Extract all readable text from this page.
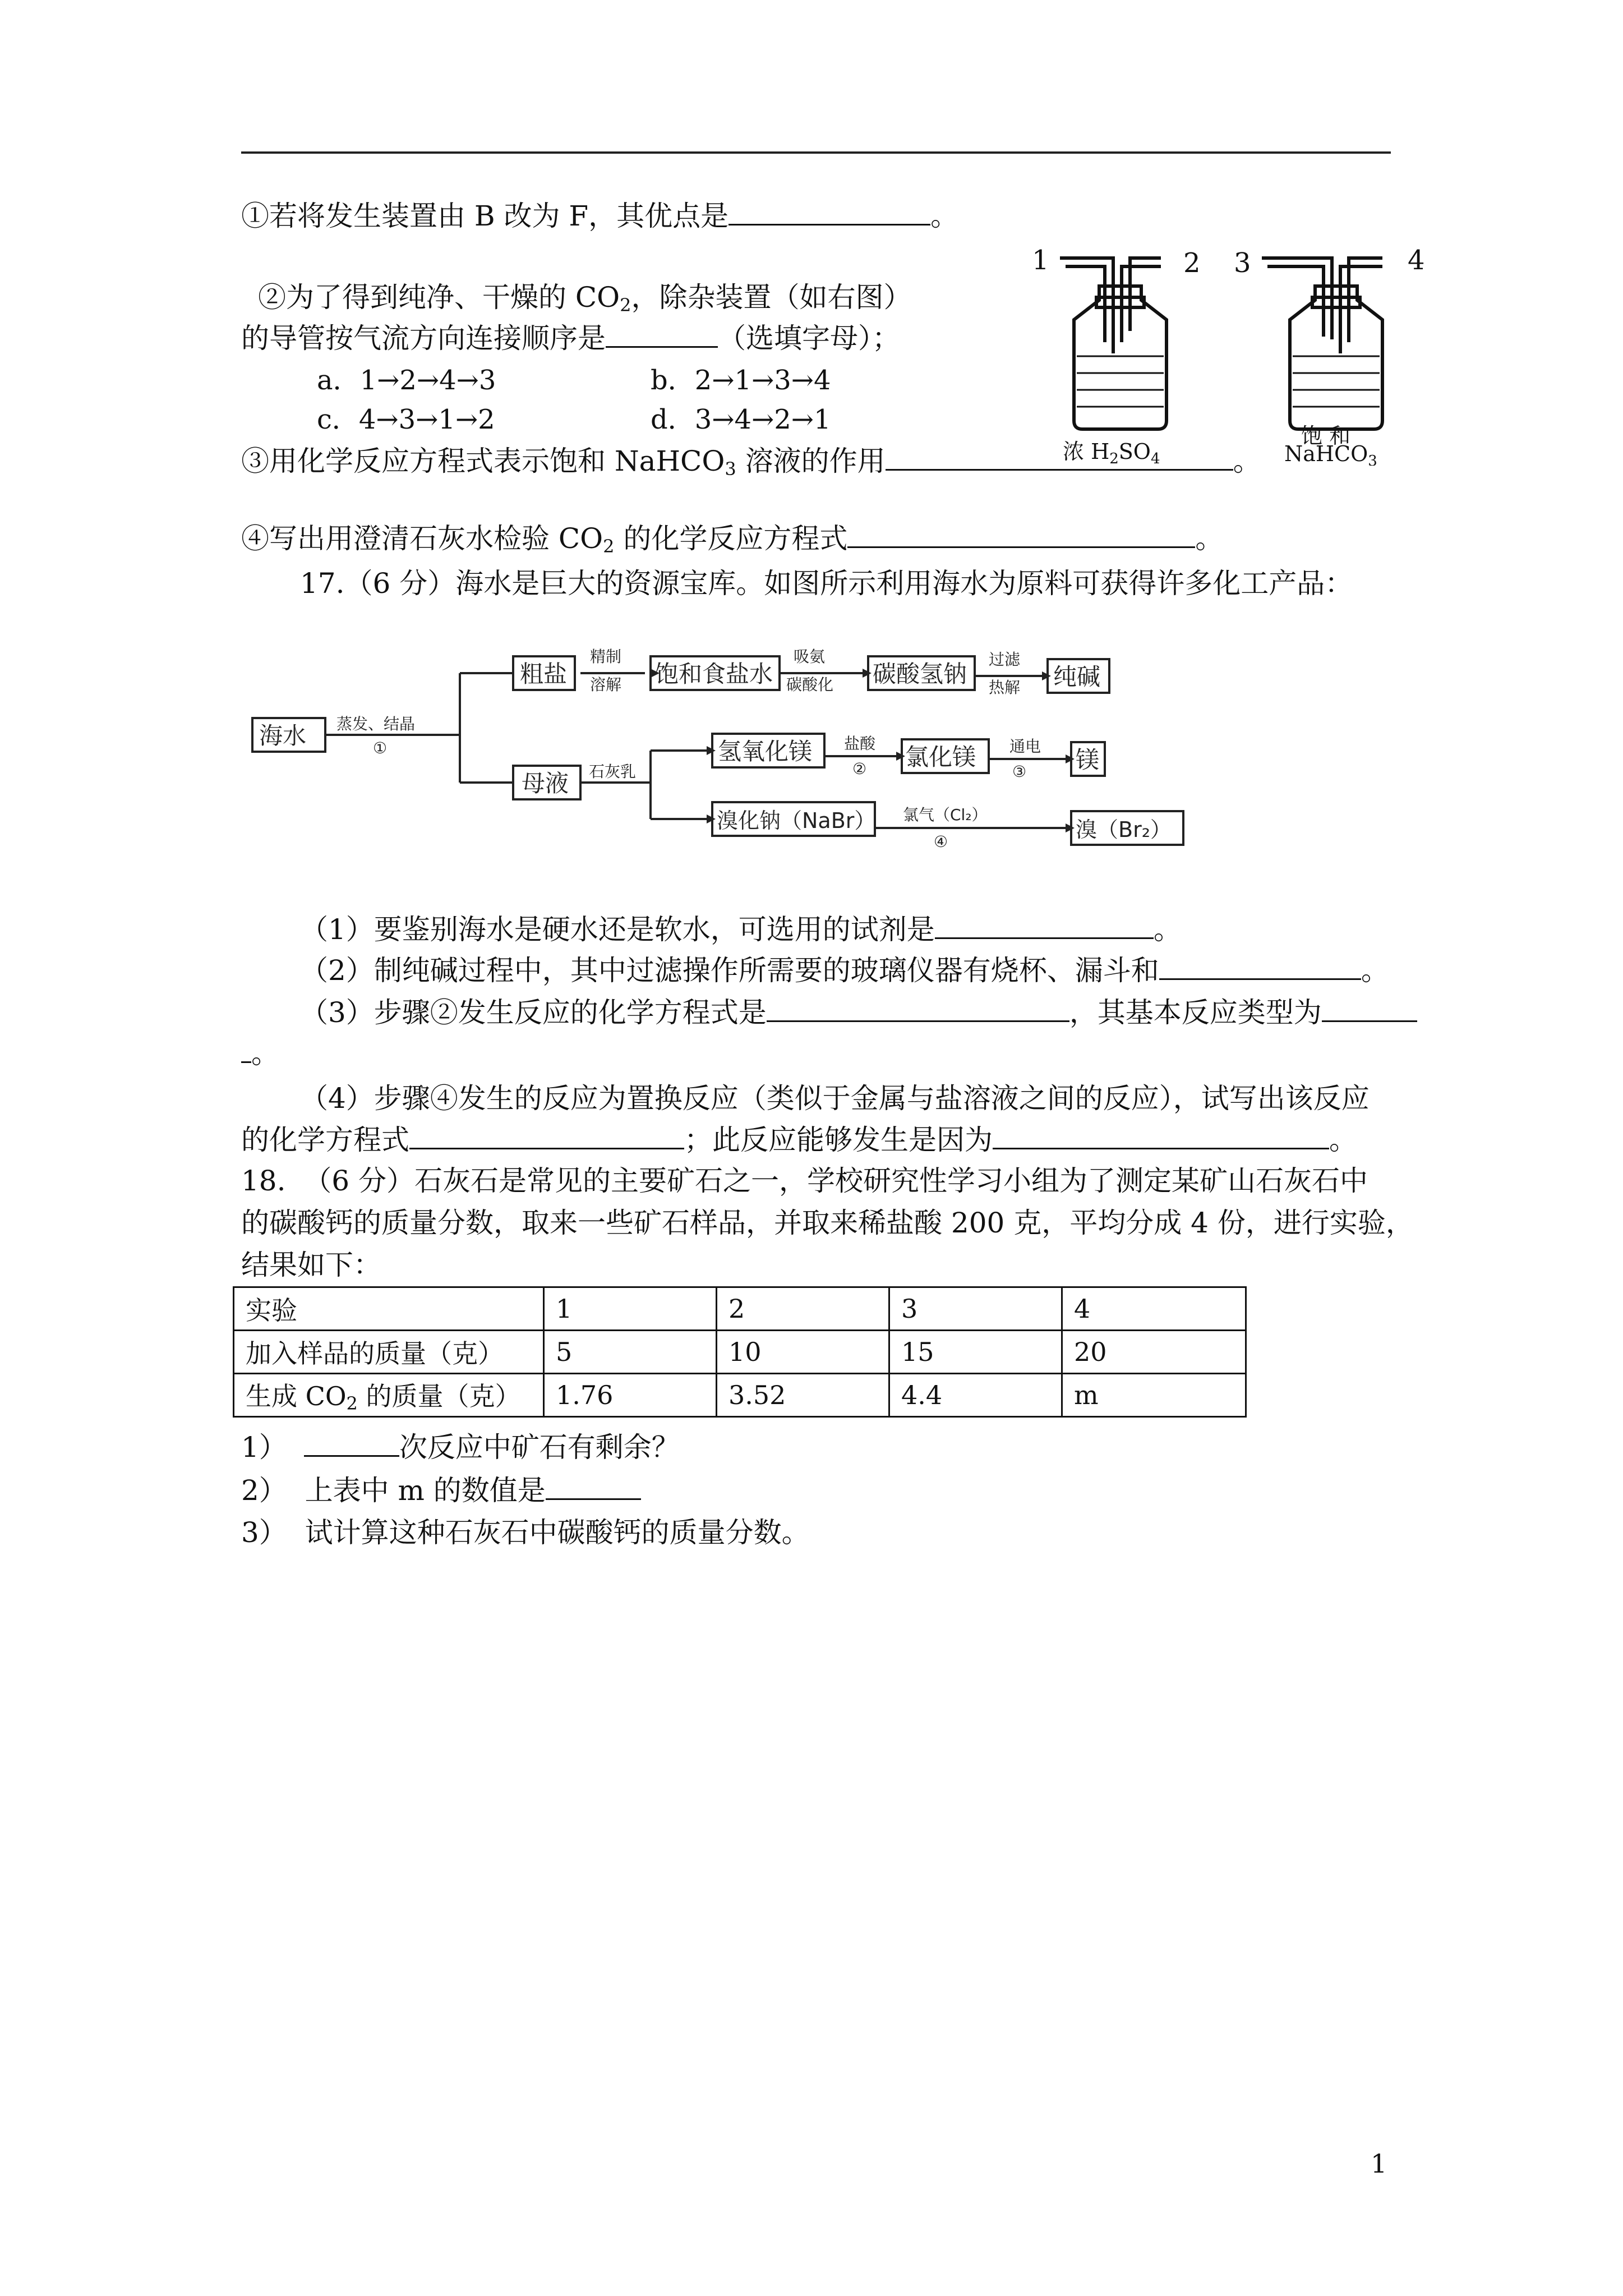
①若将发生装置由 B 改为 F，其优点是	。
②为了得到纯净、干燥的 $CO_2$，除杂装置（如右图）
的导管按气流方向连接顺序是	（选填字母）；
a．1→2→4→3	b．2→1→3→4
c．4→3→1→2	d．3→4→2→1
③用化学反应方程式表示饱和 NaHCO$_3$ 溶液的作用	。
④写出用澄清石灰水检验 $CO_2$ 的化学反应方程式	。
1	2 3	4
浓 $H_2SO_4$
饱 和
NaHCO$_3$
17.（6 分）海水是巨大的资源宝库。如图所示利用海水为原料可获得许多化工产品：
海水
粗盐	饱和食盐水	碳酸氢钠	纯碱
母液
氢氧化镁	氯化镁	镁
溴化钠（NaBr）	溴（Br₂）
蒸发、结晶
①
精制
溶解
吸氨
碳酸化
过滤
热解
石灰乳
盐酸
②
通电
③
氯气（Cl₂）
④
（1）要鉴别海水是硬水还是软水，可选用的试剂是	。
（2）制纯碱过程中，其中过滤操作所需要的玻璃仪器有烧杯、漏斗和	。
（3）步骤②发生反应的化学方程式是	，其基本反应类型为
。
（4）步骤④发生的反应为置换反应（类似于金属与盐溶液之间的反应），试写出该反应
的化学方程式	；此反应能够发生是因为	。
18.  （6 分）石灰石是常见的主要矿石之一，学校研究性学习小组为了测定某矿山石灰石中
的碳酸钙的质量分数，取来一些矿石样品，并取来稀盐酸 200 克，平均分成 4 份，进行实验，
结果如下：
实验	1	2	3	4
加入样品的质量（克）	5	10	15	20
生成 $CO_2$ 的质量（克）	1.76	3.52	4.4	m
1）	次反应中矿石有剩余？
2）  上表中 m 的数值是
3）  试计算这种石灰石中碳酸钙的质量分数。
1
